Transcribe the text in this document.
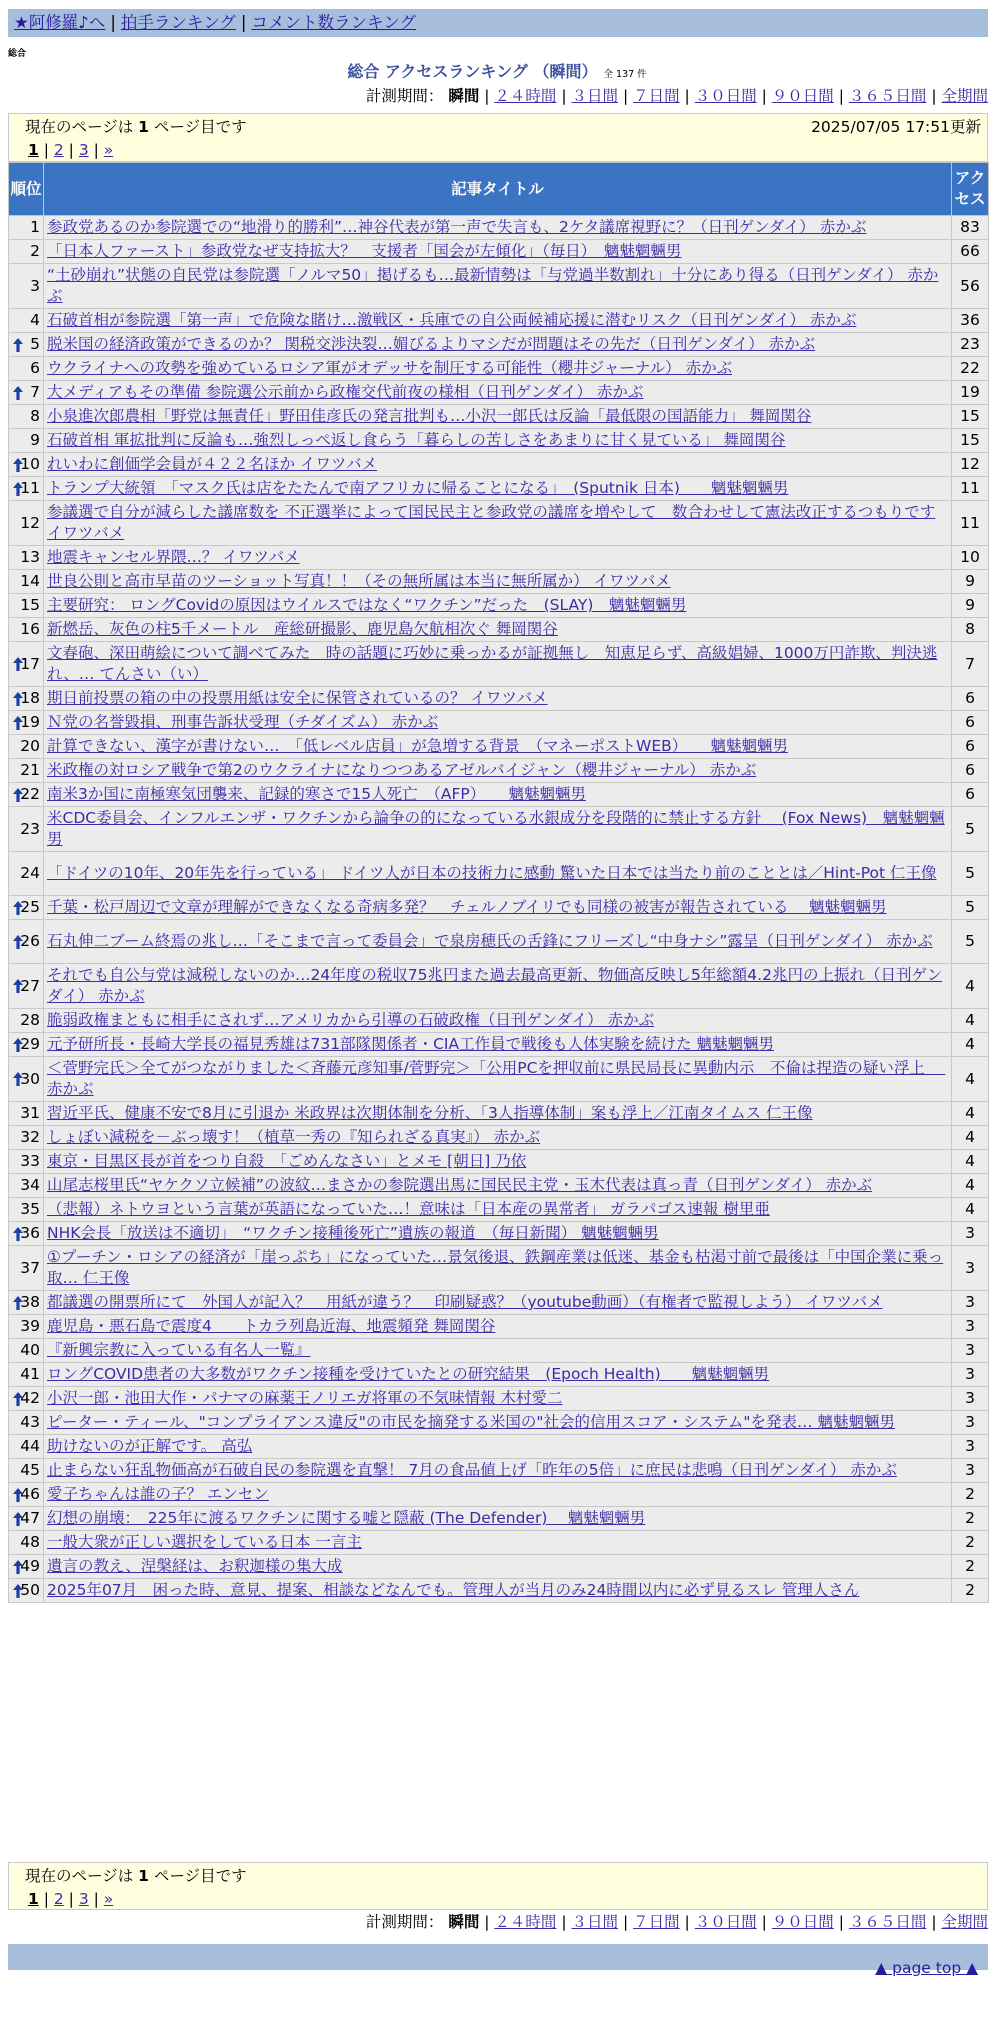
★阿修羅♪へ | 拍手ランキング | コメント数ランキング
総合
総合 アクセスランキング （瞬間） 全 137 件
計測期間： 瞬間 | ２４時間 | ３日間 | ７日間 | ３０日間 | ９０日間 | ３６５日間 | 全期間
現在のページは 1 ページ目です	2025/07/05 17:51更新
1 | 2 | 3 | »
順位	記事タイトル	アクセス
1	参政党あるのか参院選での“地滑り的勝利”…神谷代表が第一声で失言も、2ケタ議席視野に？（日刊ゲンダイ） 赤かぶ	83
2	「日本人ファースト」参政党なぜ支持拡大？　支援者「国会が左傾化」（毎日）　魑魅魍魎男	66
3	“土砂崩れ”状態の自民党は参院選「ノルマ50」掲げるも…最新情勢は「与党過半数割れ」十分にあり得る（日刊ゲンダイ） 赤かぶ	56
4	石破首相が参院選「第一声」で危険な賭け…激戦区・兵庫での自公両候補応援に潜むリスク（日刊ゲンダイ） 赤かぶ	36

5	脱米国の経済政策ができるのか？ 関税交渉決裂…媚びるよりマシだが問題はその先だ（日刊ゲンダイ） 赤かぶ	23
6	ウクライナへの攻勢を強めているロシア軍がオデッサを制圧する可能性（櫻井ジャーナル） 赤かぶ	22

7	大メディアもその準備 参院選公示前から政権交代前夜の様相（日刊ゲンダイ） 赤かぶ	19
8	小泉進次郎農相「野党は無責任」野田佳彦氏の発言批判も…小沢一郎氏は反論「最低限の国語能力」 舞岡関谷	15
9	石破首相 軍拡批判に反論も…強烈しっぺ返し食らう「暮らしの苦しさをあまりに甘く見ている」 舞岡関谷	15

10	れいわに創価学会員が４２２名ほか イワツバメ	12

11	トランプ大統領　「マスク氏は店をたたんで南アフリカに帰ることになる」　(Sputnik 日本)　　魑魅魍魎男	11
12	参議選で自分が減らした議席数を 不正選挙によって国民民主と参政党の議席を増やして　数合わせして憲法改正するつもりです イワツバメ	11
13	地震キャンセル界隈…？ イワツバメ	10
14	世良公則と高市早苗のツーショット写真！！（その無所属は本当に無所属か） イワツバメ	9
15	主要研究： ロングCovidの原因はウイルスではなく“ワクチン”だった　(SLAY)　魑魅魍魎男	9
16	新燃岳、灰色の柱5千メートル　産総研撮影、鹿児島欠航相次ぐ 舞岡関谷	8

17	文春砲、深田萌絵について調べてみた　時の話題に巧妙に乗っかるが証拠無し　知恵足らず、高級娼婦、1000万円詐欺、判決逃れ、… てんさい（い）	7

18	期日前投票の箱の中の投票用紙は安全に保管されているの？ イワツバメ	6

19	Ｎ党の名誉毀損、刑事告訴状受理（チダイズム） 赤かぶ	6
20	計算できない、漢字が書けない…　「低レベル店員」が急増する背景　（マネーポストWEB）　　魑魅魍魎男	6
21	米政権の対ロシア戦争で第2のウクライナになりつつあるアゼルバイジャン（櫻井ジャーナル） 赤かぶ	6

22	南米3か国に南極寒気団襲来、記録的寒さで15人死亡　（AFP）　　魑魅魍魎男	6
23	米CDC委員会、インフルエンザ・ワクチンから論争の的になっている水銀成分を段階的に禁止する方針　 (Fox News)　魑魅魍魎男	5
24	「ドイツの10年、20年先を行っている」 ドイツ人が日本の技術力に感動 驚いた日本では当たり前のこととは／Hint-Pot 仁王像	5

25	千葉・松戸周辺で文章が理解ができなくなる奇病多発？　チェルノブイリでも同様の被害が報告されている　 魑魅魍魎男	5

26	石丸伸二ブーム終焉の兆し…「そこまで言って委員会」で泉房穂氏の舌鋒にフリーズし“中身ナシ”露呈（日刊ゲンダイ） 赤かぶ	5

27	それでも自公与党は減税しないのか…24年度の税収75兆円また過去最高更新、物価高反映し5年総額4.2兆円の上振れ（日刊ゲンダイ） 赤かぶ	4
28	脆弱政権まともに相手にされず…アメリカから引導の石破政権（日刊ゲンダイ） 赤かぶ	4

29	元予研所長・長崎大学長の福見秀雄は731部隊関係者・CIA工作員で戦後も人体実験を続けた 魑魅魍魎男	4

30	＜菅野完氏＞全てがつながりました＜斉藤元彦知事/菅野完＞「公用PCを押収前に県民局長に異動内示　不倫は捏造の疑い浮上　 赤かぶ	4
31	習近平氏、健康不安で8月に引退か 米政界は次期体制を分析、「3人指導体制」案も浮上／江南タイムス 仁王像	4
32	しょぼい減税を－ぶっ壊す！（植草一秀の『知られざる真実』） 赤かぶ	4
33	東京・目黒区長が首をつり自殺　「ごめんなさい」とメモ [朝日] 乃依	4
34	山尾志桜里氏“ヤケクソ立候補”の波紋…まさかの参院選出馬に国民民主党・玉木代表は真っ青（日刊ゲンダイ） 赤かぶ	4
35	（悲報）ネトウヨという言葉が英語になっていた…！意味は「日本産の異常者」 ガラパゴス速報 樹里亜	4

36	NHK会長「放送は不適切」　“ワクチン接種後死亡”遺族の報道　（毎日新聞） 魑魅魍魎男	3
37	①プーチン・ロシアの経済が「崖っぷち」になっていた…景気後退、鉄鋼産業は低迷、基金も枯渇寸前で最後は「中国企業に乗っ取… 仁王像	3

38	都議選の開票所にて　外国人が記入？　用紙が違う？　印刷疑惑？（youtube動画）（有権者で監視しよう） イワツバメ	3
39	鹿児島・悪石島で震度4　　トカラ列島近海、地震頻発 舞岡関谷	3
40	『新興宗教に入っている有名人一覧』	3
41	ロングCOVID患者の大多数がワクチン接種を受けていたとの研究結果　(Epoch Health)　　魑魅魍魎男	3

42	小沢一郎・池田大作・パナマの麻薬王ノリエガ将軍の不気味情報 木村愛二	3
43	ピーター・ティール、"コンプライアンス違反"の市民を摘発する米国の"社会的信用スコア・システム"を発表… 魑魅魍魎男	3
44	助けないのが正解です。 高弘	3
45	止まらない狂乱物価高が石破自民の参院選を直撃！ 7月の食品値上げ「昨年の5倍」に庶民は悲鳴（日刊ゲンダイ） 赤かぶ	3

46	愛子ちゃんは誰の子？ エンセン	2

47	幻想の崩壊：　225年に渡るワクチンに関する嘘と隠蔽 (The Defender)　 魑魅魍魎男	2
48	一般大衆が正しい選択をしている日本 一言主	2

49	遺言の教え、涅槃経は、お釈迦様の集大成	2

50	2025年07月　困った時、意見、提案、相談などなんでも。管理人が当月のみ24時間以内に必ず見るスレ 管理人さん	2
現在のページは 1 ページ目です
1 | 2 | 3 | »
計測期間： 瞬間 | ２４時間 | ３日間 | ７日間 | ３０日間 | ９０日間 | ３６５日間 | 全期間
▲ page top ▲
